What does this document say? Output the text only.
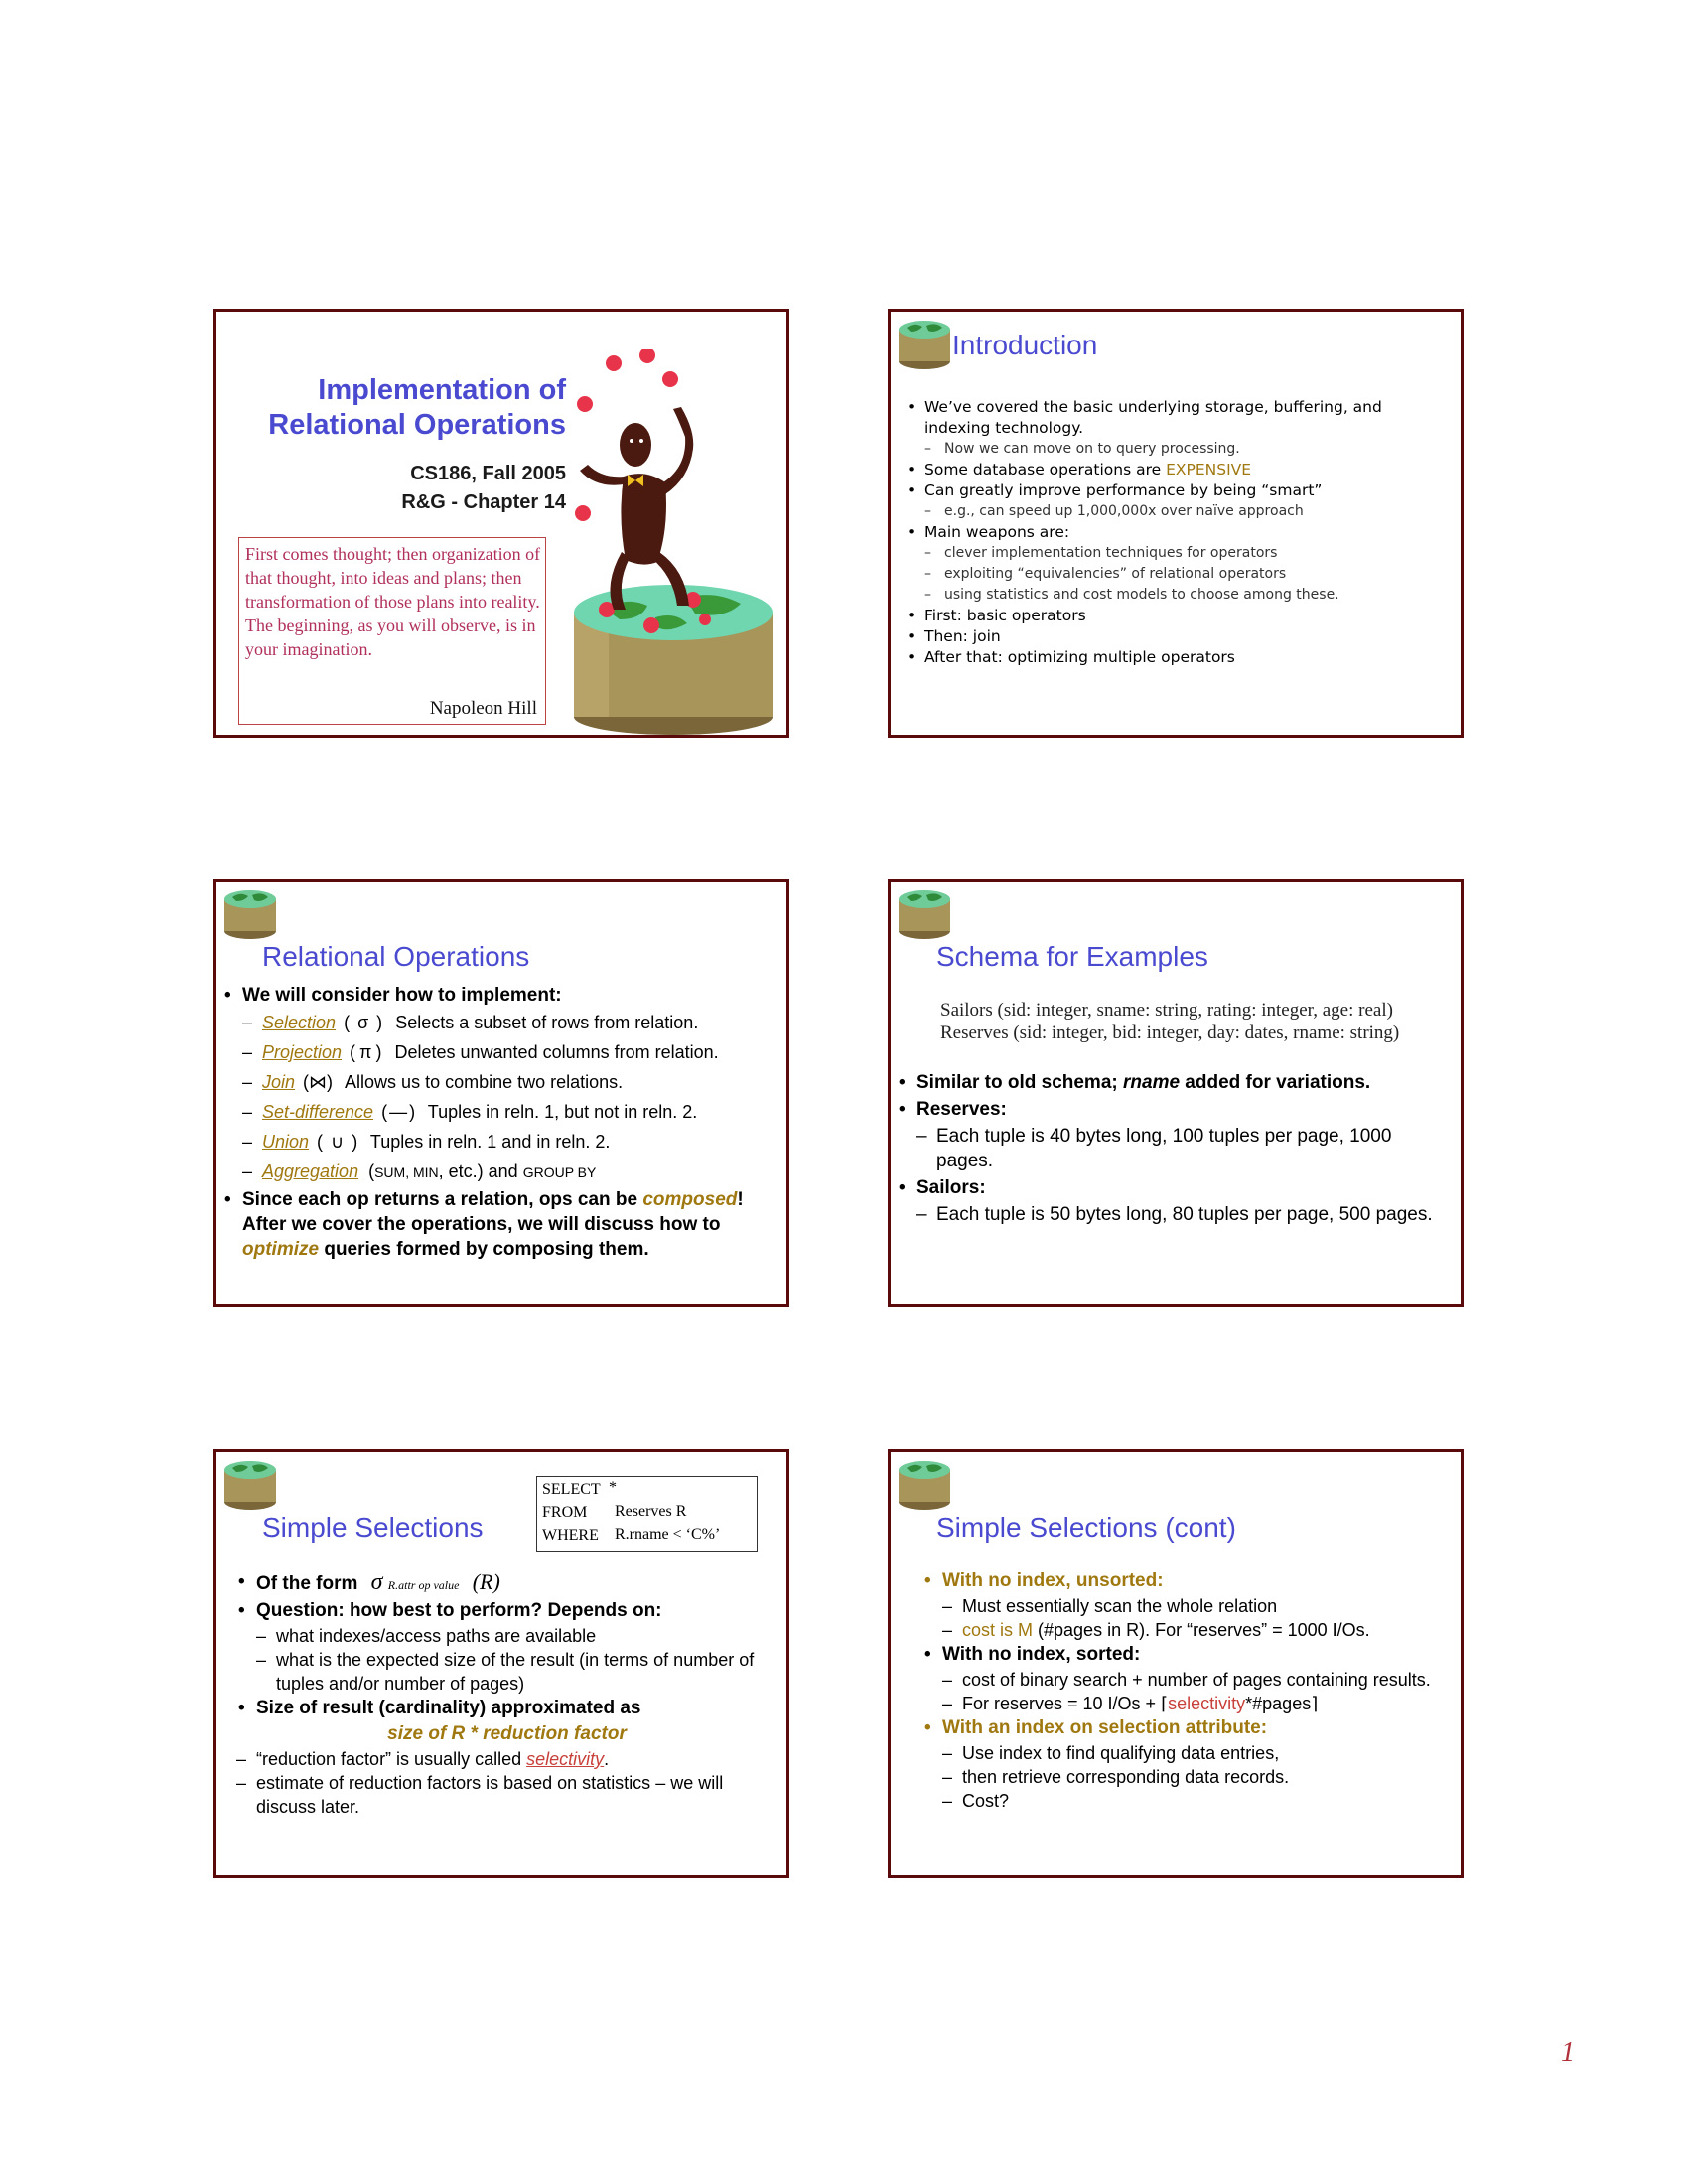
Implementation of
Relational Operations
CS186, Fall 2005
R&G - Chapter 14
First comes thought; then organization of that thought, into ideas and plans; then transformation of those plans into reality. The beginning, as you will observe, is in your imagination.
Napoleon Hill
Introduction
• We’ve covered the basic underlying storage, buffering, and indexing technology.
– Now we can move on to query processing.
• Some database operations are EXPENSIVE
• Can greatly improve performance by being “smart”
– e.g., can speed up 1,000,000x over naïve approach
• Main weapons are:
– clever implementation techniques for operators
– exploiting “equivalencies” of relational operators
– using statistics and cost models to choose among these.
• First: basic operators
• Then: join
• After that: optimizing multiple operators
Relational Operations
• We will consider how to implement:
– Selection ( σ ) Selects a subset of rows from relation.
– Projection ( π ) Deletes unwanted columns from relation.
– Join (⋈) Allows us to combine two relations.
– Set-difference ( — ) Tuples in reln. 1, but not in reln. 2.
– Union ( ∪ ) Tuples in reln. 1 and in reln. 2.
– Aggregation  (SUM, MIN, etc.) and GROUP BY
• Since each op returns a relation, ops can be composed! After we cover the operations, we will discuss how to optimize queries formed by composing them.
Schema for Examples
Sailors (sid: integer, sname: string, rating: integer, age: real)
Reserves (sid: integer, bid: integer, day: dates, rname: string)
• Similar to old schema; rname added for variations.
• Reserves:
– Each tuple is 40 bytes long, 100 tuples per page, 1000 pages.
• Sailors:
– Each tuple is 50 bytes long, 80 tuples per page, 500 pages.
Simple Selections
SELECT *
FROM Reserves R
WHERE R.rname < ‘C%’
• Of the form σ R.attr op value (R)
• Question: how best to perform? Depends on:
– what indexes/access paths are available
– what is the expected size of the result (in terms of number of tuples and/or number of pages)
• Size of result (cardinality) approximated as
size of R * reduction factor
– “reduction factor” is usually called selectivity.
– estimate of reduction factors is based on statistics – we will discuss later.
Simple Selections (cont)
• With no index, unsorted:
– Must essentially scan the whole relation
– cost is M (#pages in R). For “reserves” = 1000 I/Os.
• With no index, sorted:
– cost of binary search + number of pages containing results.
– For reserves = 10 I/Os + ⌈selectivity*#pages⌉
• With an index on selection attribute:
– Use index to find qualifying data entries,
– then retrieve corresponding data records.
– Cost?
1
